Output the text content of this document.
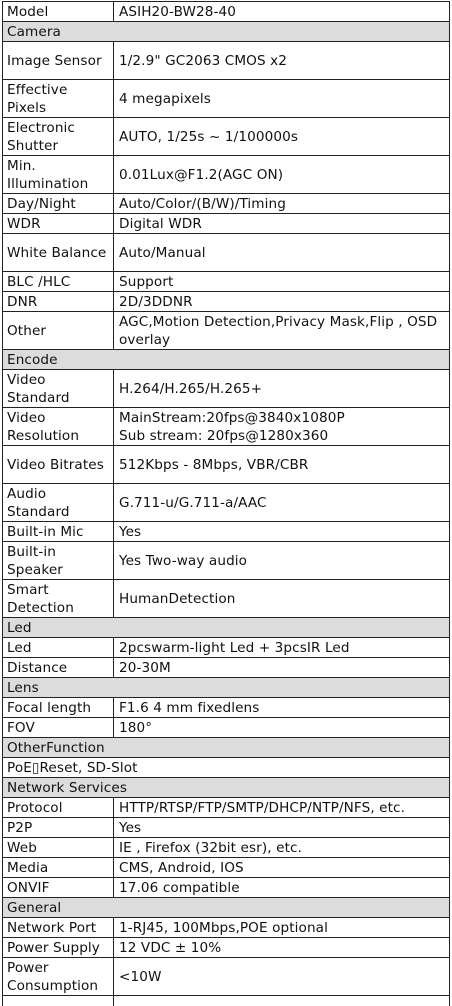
Model	ASIH20-BW28-40
Camera	
Image Sensor	1/2.9" GC2063 CMOS x2
Effective Pixels	4 megapixels
Electronic Shutter	AUTO, 1/25s ~ 1/100000s
Min. Illumination	0.01Lux@F1.2(AGC ON)
Day/Night	Auto/Color/(B/W)/Timing
WDR	Digital WDR
White Balance	Auto/Manual
BLC /HLC	Support
DNR	2D/3DDNR
Other	AGC,Motion Detection,Privacy Mask,Flip , OSD overlay
Encode	
Video Standard	H.264/H.265/H.265+
Video Resolution	MainStream:20fps@3840x1080P
Sub stream: 20fps@1280x360

Video Bitrates	512Kbps - 8Mbps, VBR/CBR
Audio Standard	G.711-u/G.711-a/AAC
Built-in Mic	Yes
Built-in Speaker	Yes Two-way audio
Smart Detection	HumanDetection
Led	
Led	2pcswarm-light Led + 3pcsIR Led
Distance	20-30M
Lens	
Focal length	F1.6 4 mm fixedlens
FOV	180°
OtherFunction	
PoE▯Reset, SD-Slot	
Network Services	
Protocol	HTTP/RTSP/FTP/SMTP/DHCP/NTP/NFS, etc.
P2P	Yes
Web	IE , Firefox (32bit esr), etc.
Media	CMS, Android, IOS
ONVIF	17.06 compatible
General	
Network Port	1-RJ45, 100Mbps,POE optional
Power Supply	12 VDC ± 10%
Power Consumption	<10W
